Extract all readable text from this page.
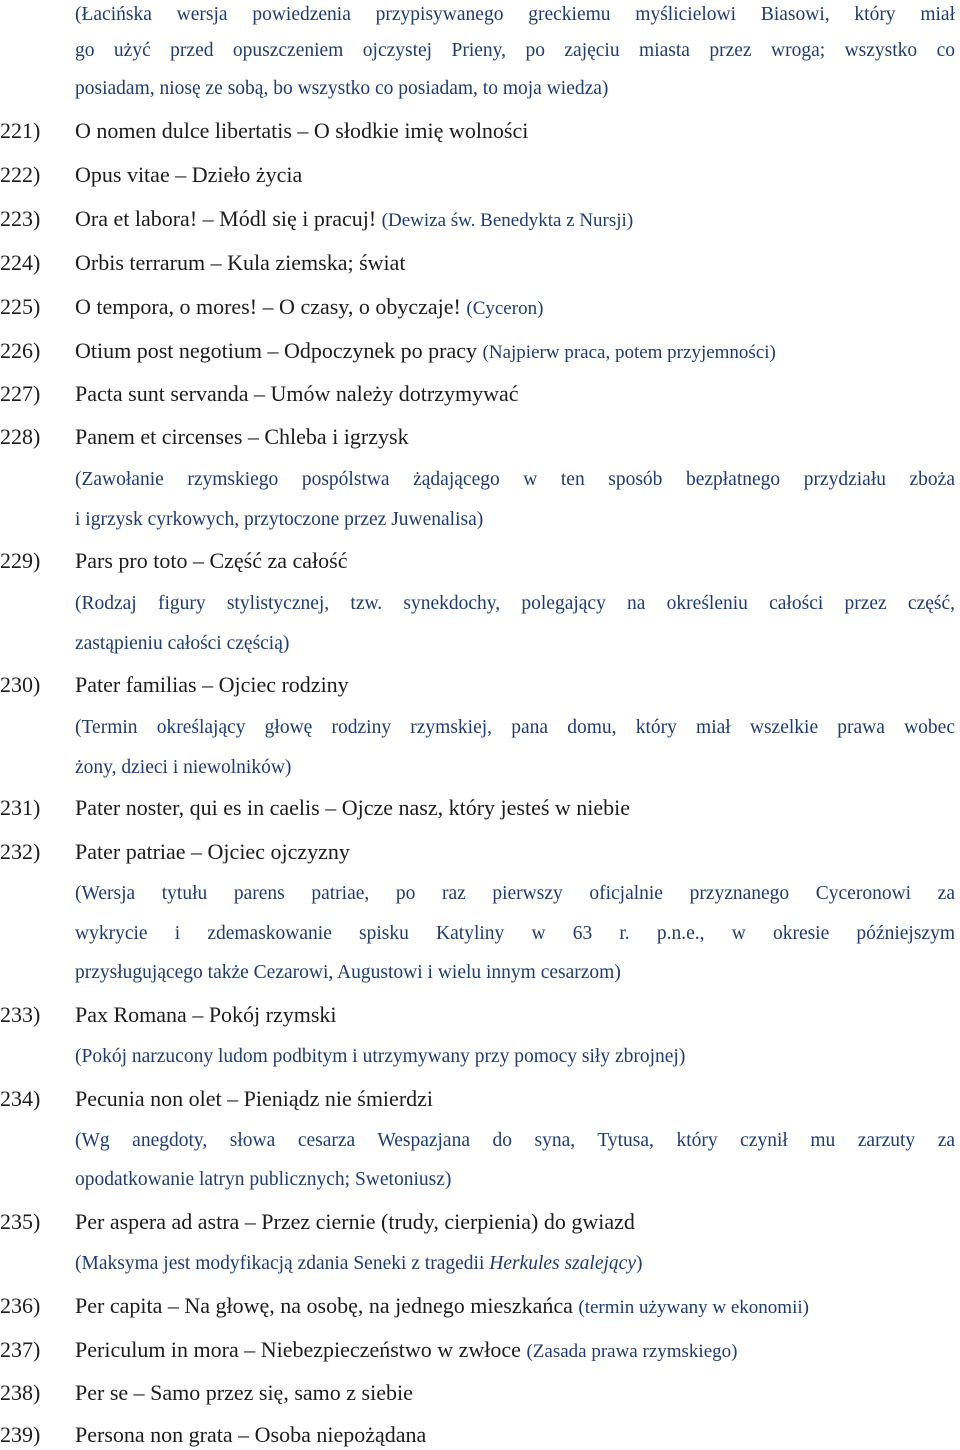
(Łacińska wersja powiedzenia przypisywanego greckiemu myślicielowi Biasowi, który miał
go użyć przed opuszczeniem ojczystej Prieny, po zajęciu miasta przez wroga; wszystko co
posiadam, niosę ze sobą, bo wszystko co posiadam, to moja wiedza)
221) O nomen dulce libertatis – O słodkie imię wolności
222) Opus vitae – Dzieło życia
223) Ora et labora! – Módl się i pracuj! (Dewiza św. Benedykta z Nursji)
224) Orbis terrarum – Kula ziemska; świat
225) O tempora, o mores! – O czasy, o obyczaje! (Cyceron)
226) Otium post negotium – Odpoczynek po pracy (Najpierw praca, potem przyjemności)
227) Pacta sunt servanda – Umów należy dotrzymywać
228) Panem et circenses – Chleba i igrzysk
(Zawołanie rzymskiego pospólstwa żądającego w ten sposób bezpłatnego przydziału zboża
i igrzysk cyrkowych, przytoczone przez Juwenalisa)
229) Pars pro toto – Część za całość
(Rodzaj figury stylistycznej, tzw. synekdochy, polegający na określeniu całości przez część,
zastąpieniu całości częścią)
230) Pater familias – Ojciec rodziny
(Termin określający głowę rodziny rzymskiej, pana domu, który miał wszelkie prawa wobec
żony, dzieci i niewolników)
231) Pater noster, qui es in caelis – Ojcze nasz, który jesteś w niebie
232) Pater patriae – Ojciec ojczyzny
(Wersja tytułu parens patriae, po raz pierwszy oficjalnie przyznanego Cyceronowi za
wykrycie i zdemaskowanie spisku Katyliny w 63 r. p.n.e., w okresie późniejszym
przysługującego także Cezarowi, Augustowi i wielu innym cesarzom)
233) Pax Romana – Pokój rzymski
(Pokój narzucony ludom podbitym i utrzymywany przy pomocy siły zbrojnej)
234) Pecunia non olet – Pieniądz nie śmierdzi
(Wg anegdoty, słowa cesarza Wespazjana do syna, Tytusa, który czynił mu zarzuty za
opodatkowanie latryn publicznych; Swetoniusz)
235) Per aspera ad astra – Przez ciernie (trudy, cierpienia) do gwiazd
(Maksyma jest modyfikacją zdania Seneki z tragedii Herkules szalejący)
236) Per capita – Na głowę, na osobę, na jednego mieszkańca (termin używany w ekonomii)
237) Periculum in mora – Niebezpieczeństwo w zwłoce (Zasada prawa rzymskiego)
238) Per se – Samo przez się, samo z siebie
239) Persona non grata – Osoba niepożądana
